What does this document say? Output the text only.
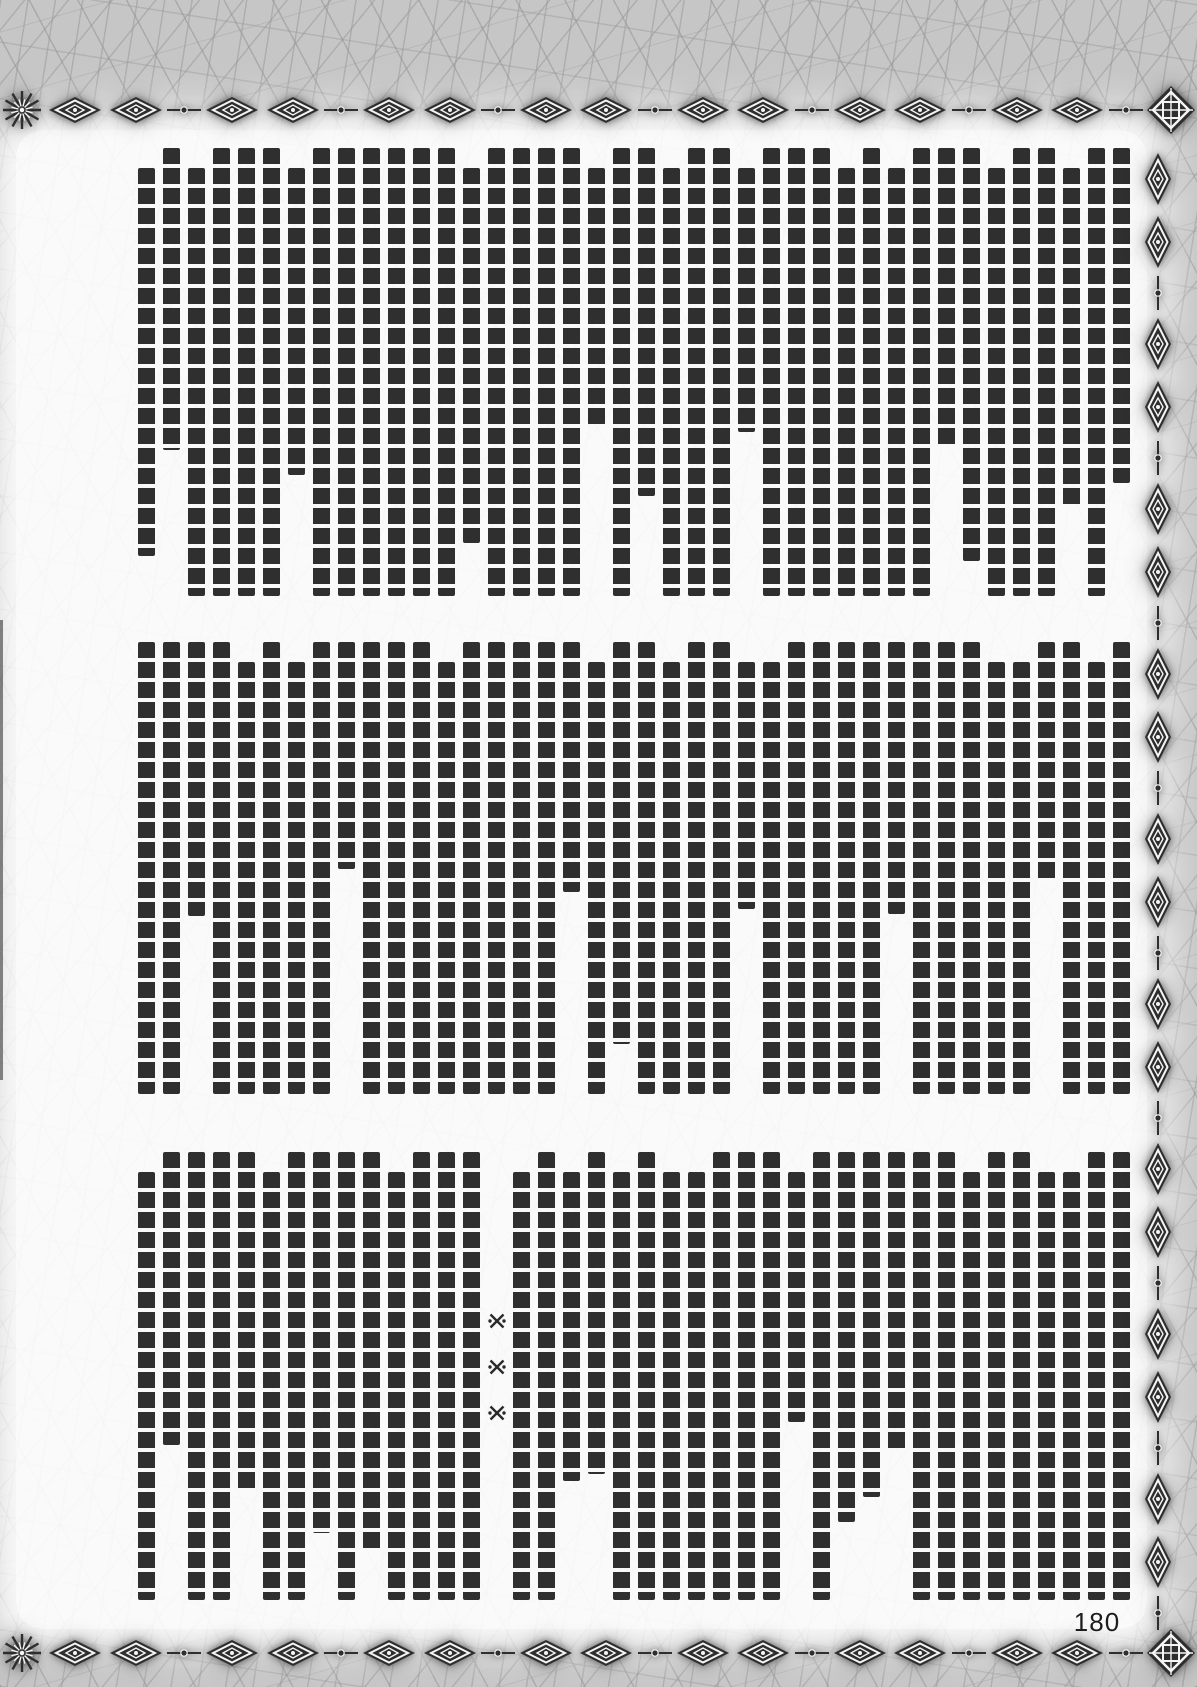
180
